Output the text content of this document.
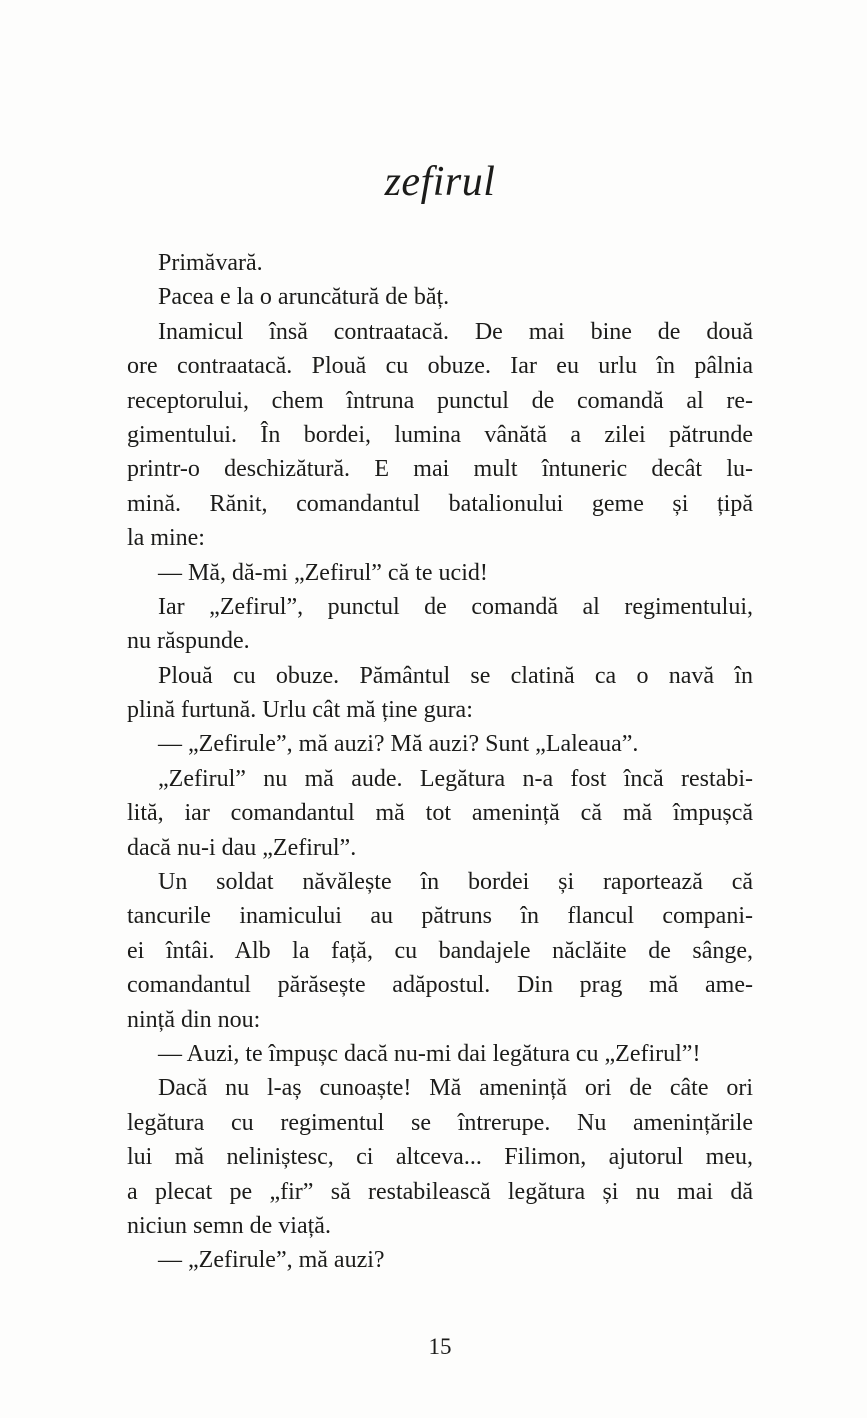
zefirul
Primăvară.
Pacea e la o aruncătură de băț.
Inamicul însă contraatacă. De mai bine de două
ore contraatacă. Plouă cu obuze. Iar eu urlu în pâlnia
receptorului, chem întruna punctul de comandă al re-
gimentului. În bordei, lumina vânătă a zilei pătrunde
printr-o deschizătură. E mai mult întuneric decât lu-
mină. Rănit, comandantul batalionului geme și țipă
la mine:
— Mă, dă-mi „Zefirul” că te ucid!
Iar „Zefirul”, punctul de comandă al regimentului,
nu răspunde.
Plouă cu obuze. Pământul se clatină ca o navă în
plină furtună. Urlu cât mă ține gura:
— „Zefirule”, mă auzi? Mă auzi? Sunt „Laleaua”.
„Zefirul” nu mă aude. Legătura n-a fost încă restabi-
lită, iar comandantul mă tot amenință că mă împușcă
dacă nu-i dau „Zefirul”.
Un soldat năvălește în bordei și raportează că
tancurile inamicului au pătruns în flancul compani-
ei întâi. Alb la față, cu bandajele năclăite de sânge,
comandantul părăsește adăpostul. Din prag mă ame-
nință din nou:
— Auzi, te împușc dacă nu-mi dai legătura cu „Zefirul”!
Dacă nu l-aș cunoaște! Mă amenință ori de câte ori
legătura cu regimentul se întrerupe. Nu amenințările
lui mă neliniștesc, ci altceva... Filimon, ajutorul meu,
a plecat pe „fir” să restabilească legătura și nu mai dă
niciun semn de viață.
— „Zefirule”, mă auzi?
15
